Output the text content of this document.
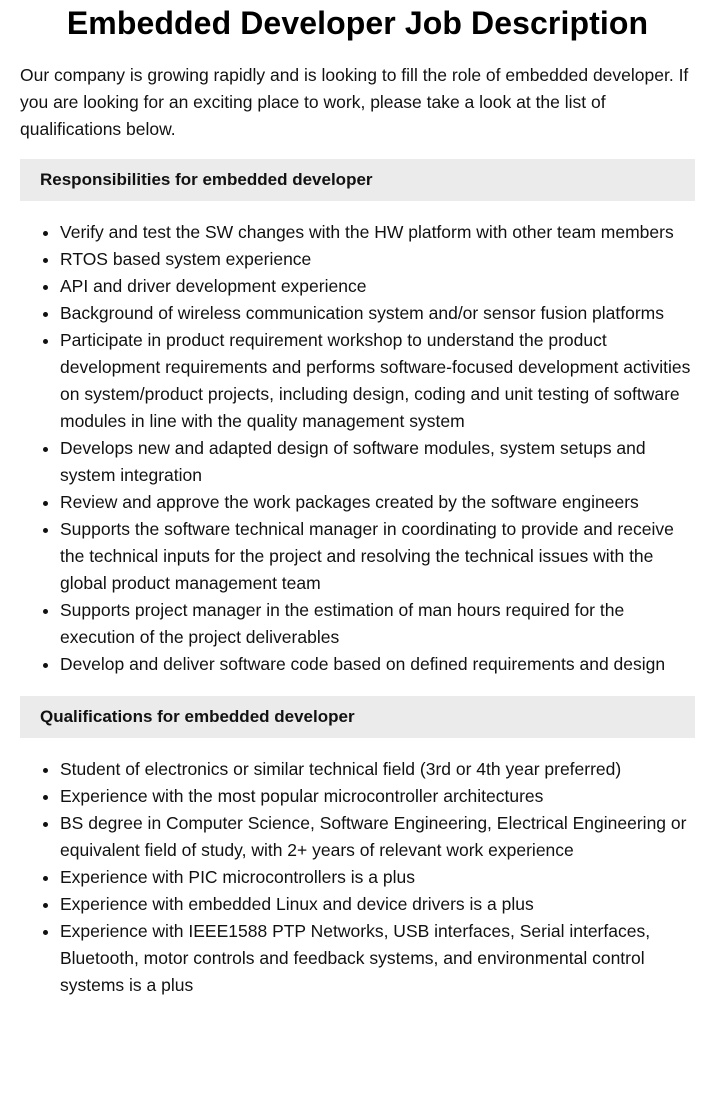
Embedded Developer Job Description

Our company is growing rapidly and is looking to fill the role of embedded developer. If you are looking for an exciting place to work, please take a look at the list of qualifications below.

Responsibilities for embedded developer
Verify and test the SW changes with the HW platform with other team members
RTOS based system experience
API and driver development experience
Background of wireless communication system and/or sensor fusion platforms
Participate in product requirement workshop to understand the product development requirements and performs software-focused development activities on system/product projects, including design, coding and unit testing of software modules in line with the quality management system
Develops new and adapted design of software modules, system setups and system integration
Review and approve the work packages created by the software engineers
Supports the software technical manager in coordinating to provide and receive the technical inputs for the project and resolving the technical issues with the global product management team
Supports project manager in the estimation of man hours required for the execution of the project deliverables
Develop and deliver software code based on defined requirements and design
Qualifications for embedded developer
Student of electronics or similar technical field (3rd or 4th year preferred)
Experience with the most popular microcontroller architectures
BS degree in Computer Science, Software Engineering, Electrical Engineering or equivalent field of study, with 2+ years of relevant work experience
Experience with PIC microcontrollers is a plus
Experience with embedded Linux and device drivers is a plus
Experience with IEEE1588 PTP Networks, USB interfaces, Serial interfaces, Bluetooth, motor controls and feedback systems, and environmental control systems is a plus
